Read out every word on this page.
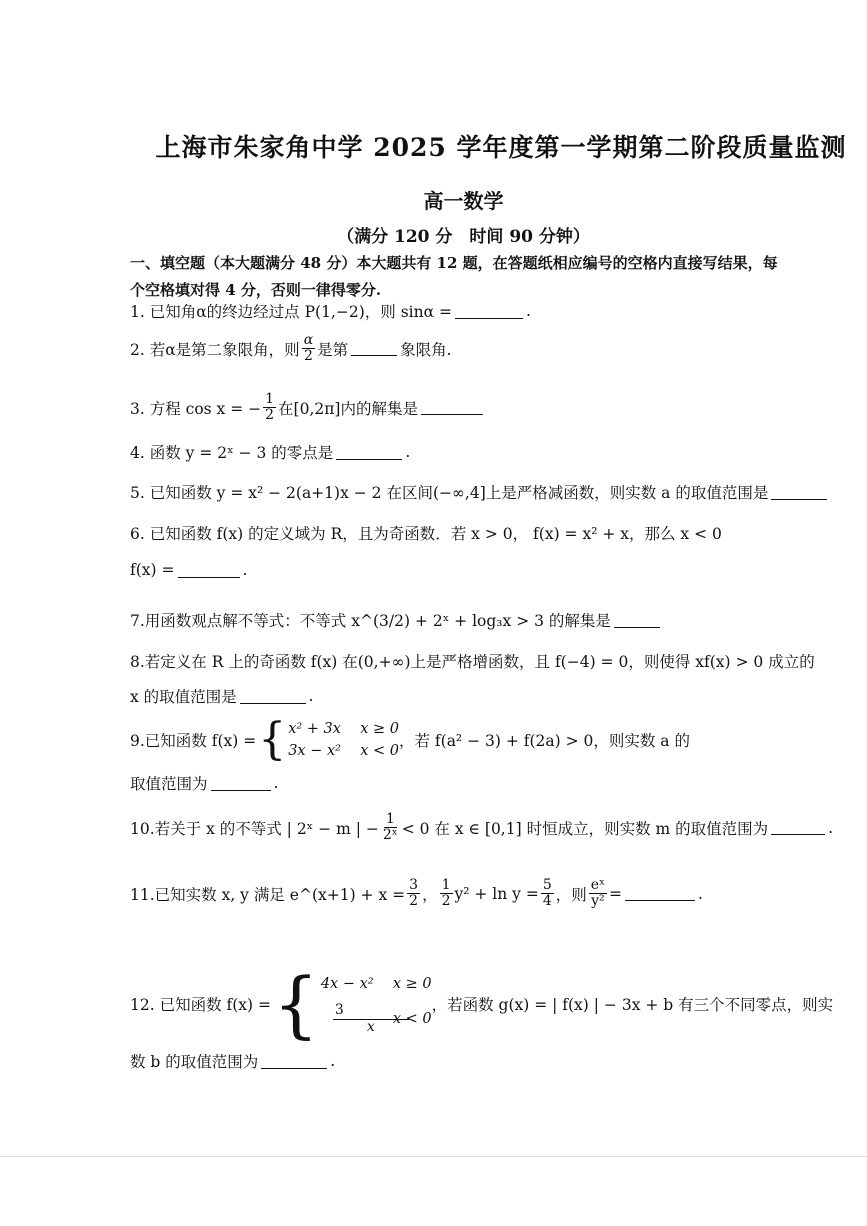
上海市朱家角中学 2025 学年度第一学期第二阶段质量监测
高一数学
（满分 120 分　时间 90 分钟）
一、填空题（本大题满分 48 分）本大题共有 12 题，在答题纸相应编号的空格内直接写结果，每
个空格填对得 4 分，否则一律得零分.
1. 已知角α的终边经过点 P(1,−2)，则 sinα =	.
2. 若α是第二象限角，则 $\frac{\alpha}{2}$ 是第	象限角.
3. 方程 cos x = − $\frac{1}{2}$ 在[0,2π]内的解集是
4. 函数 y = 2ˣ − 3 的零点是	.
5. 已知函数 y = x² − 2(a+1)x − 2 在区间(−∞,4]上是严格减函数，则实数 a 的取值范围是
6. 已知函数 f(x) 的定义域为 R，且为奇函数．若 x > 0， f(x) = x² + x，那么 x < 0
f(x) =	.
7.用函数观点解不等式：不等式 x^(3/2) + 2ˣ + log₃x > 3 的解集是
8.若定义在 R 上的奇函数 f(x) 在(0,+∞)上是严格增函数，且 f(−4) = 0，则使得 xf(x) > 0 成立的
x 的取值范围是	.
9.已知函数 f(x) = { x² + 3x	x ≥ 0
3x − x²	x < 0
，若 f(a² − 3) + f(2a) > 0，则实数 a 的
取值范围为	.
10.若关于 x 的不等式 | 2ˣ − m | − $\frac{1}{\text{2ˣ}} < 0$ 在 x ∈ [0,1] 时恒成立，则实数 m 的取值范围为	.
11.已知实数 x, y 满足 e^(x+1) + $x = \frac{3}{2}$ ， $\frac{1}{2} y^2 + \ln y = \frac{5}{4}$ ，则 $\frac{\text{eˣ}}{\text{y²}}$ =	.
12. 已知函数 f(x) = { 4x − x²	x ≥ 0
$\frac{3}{x}$
x < 0
，若函数 g(x) = | f(x) | − 3x + b 有三个不同零点，则实
数 b 的取值范围为	.
